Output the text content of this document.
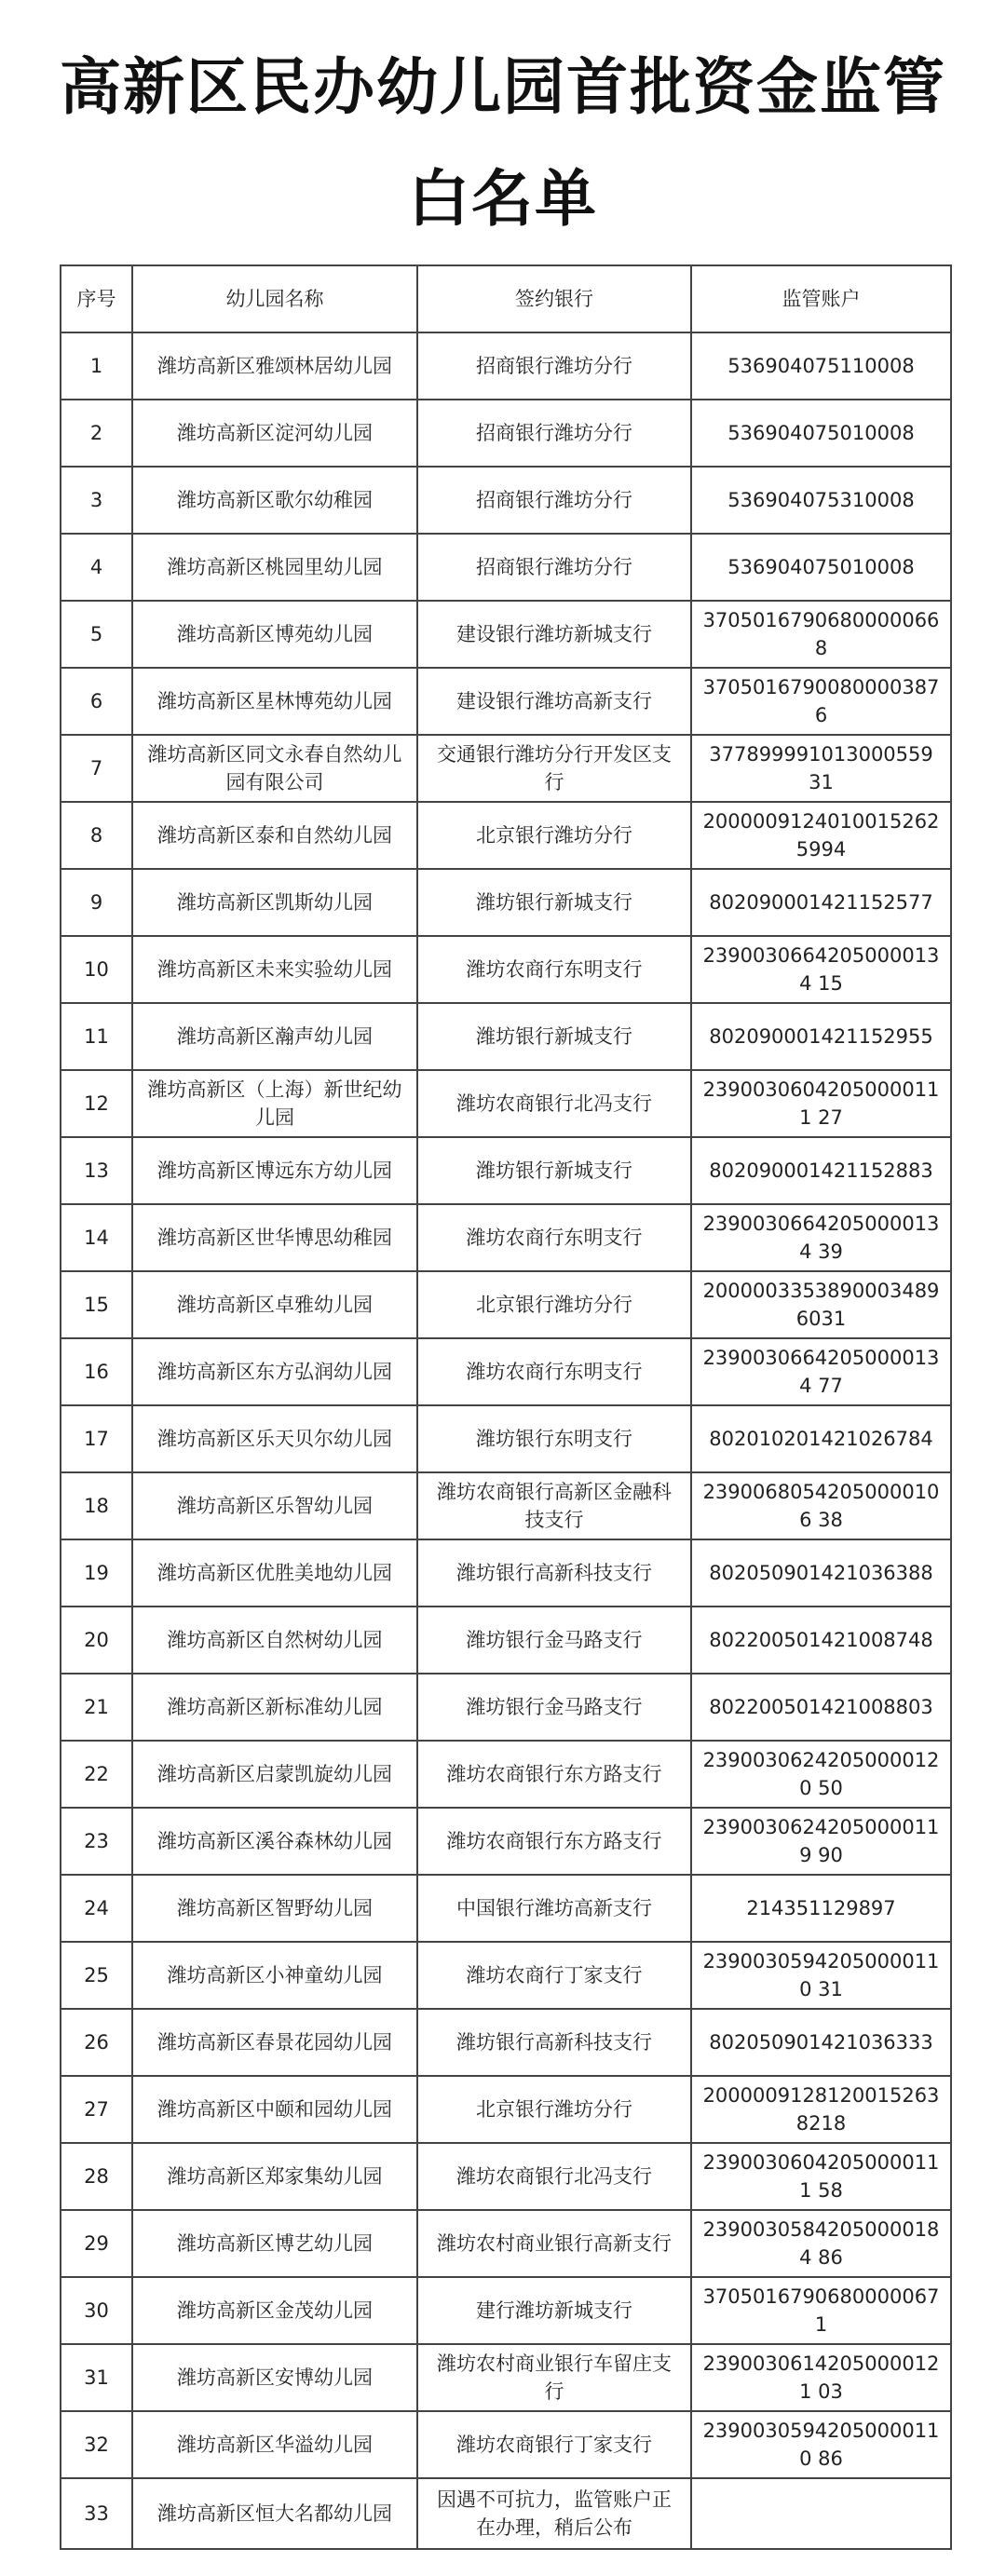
高新区民办幼儿园首批资金监管
白名单
序号	幼儿园名称	签约银行	监管账户
1	潍坊高新区雅颂林居幼儿园	招商银行潍坊分行	536904075110008
2	潍坊高新区淀河幼儿园	招商银行潍坊分行	536904075010008
3	潍坊高新区歌尔幼稚园	招商银行潍坊分行	536904075310008
4	潍坊高新区桃园里幼儿园	招商银行潍坊分行	536904075010008
5	潍坊高新区博苑幼儿园	建设银行潍坊新城支行	37050167906800000668
6	潍坊高新区星林博苑幼儿园	建设银行潍坊高新支行	37050167900800003876
7	潍坊高新区同文永春自然幼儿园有限公司	交通银行潍坊分行开发区支行	377899991013000559 31
8	潍坊高新区泰和自然幼儿园	北京银行潍坊分行	20000091240100152625994
9	潍坊高新区凯斯幼儿园	潍坊银行新城支行	802090001421152577
10	潍坊高新区未来实验幼儿园	潍坊农商行东明支行	23900306642050000134 15
11	潍坊高新区瀚声幼儿园	潍坊银行新城支行	802090001421152955
12	潍坊高新区（上海）新世纪幼儿园	潍坊农商银行北冯支行	23900306042050000111 27
13	潍坊高新区博远东方幼儿园	潍坊银行新城支行	802090001421152883
14	潍坊高新区世华博思幼稚园	潍坊农商行东明支行	23900306642050000134 39
15	潍坊高新区卓雅幼儿园	北京银行潍坊分行	20000033538900034896031
16	潍坊高新区东方弘润幼儿园	潍坊农商行东明支行	23900306642050000134 77
17	潍坊高新区乐天贝尔幼儿园	潍坊银行东明支行	802010201421026784
18	潍坊高新区乐智幼儿园	潍坊农商银行高新区金融科技支行	23900680542050000106 38
19	潍坊高新区优胜美地幼儿园	潍坊银行高新科技支行	802050901421036388
20	潍坊高新区自然树幼儿园	潍坊银行金马路支行	802200501421008748
21	潍坊高新区新标准幼儿园	潍坊银行金马路支行	802200501421008803
22	潍坊高新区启蒙凯旋幼儿园	潍坊农商银行东方路支行	23900306242050000120 50
23	潍坊高新区溪谷森林幼儿园	潍坊农商银行东方路支行	23900306242050000119 90
24	潍坊高新区智野幼儿园	中国银行潍坊高新支行	214351129897
25	潍坊高新区小神童幼儿园	潍坊农商行丁家支行	23900305942050000110 31
26	潍坊高新区春景花园幼儿园	潍坊银行高新科技支行	802050901421036333
27	潍坊高新区中颐和园幼儿园	北京银行潍坊分行	20000091281200152638218
28	潍坊高新区郑家集幼儿园	潍坊农商银行北冯支行	23900306042050000111 58
29	潍坊高新区博艺幼儿园	潍坊农村商业银行高新支行	23900305842050000184 86
30	潍坊高新区金茂幼儿园	建行潍坊新城支行	37050167906800000671
31	潍坊高新区安博幼儿园	潍坊农村商业银行车留庄支行	23900306142050000121 03
32	潍坊高新区华溢幼儿园	潍坊农商银行丁家支行	23900305942050000110 86
33	潍坊高新区恒大名都幼儿园	因遇不可抗力，监管账户正在办理，稍后公布	
